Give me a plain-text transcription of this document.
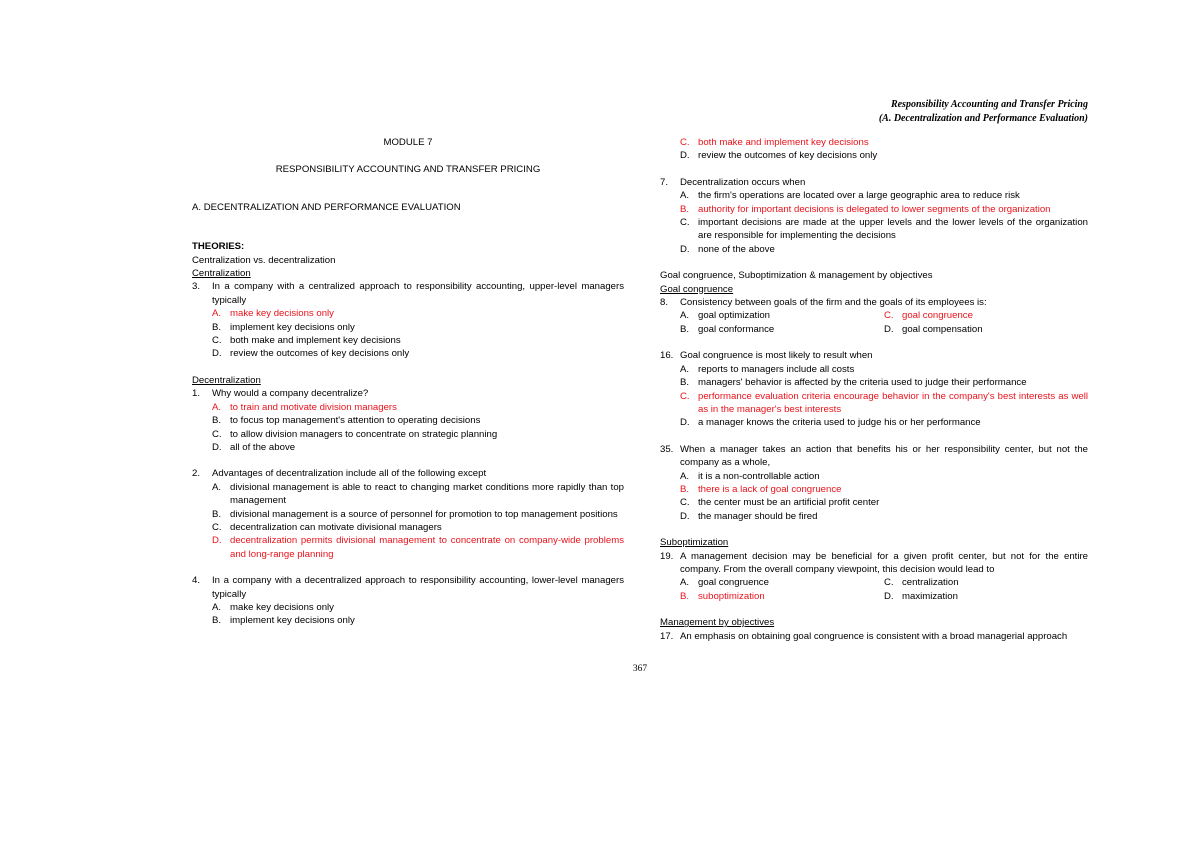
Responsibility Accounting and Transfer Pricing
(A. Decentralization and Performance Evaluation)
MODULE 7
RESPONSIBILITY ACCOUNTING AND TRANSFER PRICING
A. DECENTRALIZATION AND PERFORMANCE EVALUATION
THEORIES:
Centralization vs. decentralization
Centralization
3.	In a company with a centralized approach to responsibility accounting, upper-level managers typically
A. make key decisions only
B. implement key decisions only
C. both make and implement key decisions
D. review the outcomes of key decisions only
Decentralization
1.	Why would a company decentralize?
A. to train and motivate division managers
B. to focus top management's attention to operating decisions
C. to allow division managers to concentrate on strategic planning
D. all of the above
2.	Advantages of decentralization include all of the following except
A. divisional management is able to react to changing market conditions more rapidly than top management
B. divisional management is a source of personnel for promotion to top management positions
C. decentralization can motivate divisional managers
D. decentralization permits divisional management to concentrate on company-wide problems and long-range planning
4.	In a company with a decentralized approach to responsibility accounting, lower-level managers typically
A. make key decisions only
B. implement key decisions only
C. both make and implement key decisions
D. review the outcomes of key decisions only
7.	Decentralization occurs when
A. the firm's operations are located over a large geographic area to reduce risk
B. authority for important decisions is delegated to lower segments of the organization
C. important decisions are made at the upper levels and the lower levels of the organization are responsible for implementing the decisions
D. none of the above
Goal congruence, Suboptimization & management by objectives
Goal congruence
8.	Consistency between goals of the firm and the goals of its employees is:
A. goal optimization	C. goal congruence
B. goal conformance	D. goal compensation
16. Goal congruence is most likely to result when
A. reports to managers include all costs
B. managers' behavior is affected by the criteria used to judge their performance
C. performance evaluation criteria encourage behavior in the company's best interests as well as in the manager's best interests
D. a manager knows the criteria used to judge his or her performance
35. When a manager takes an action that benefits his or her responsibility center, but not the company as a whole,
A. it is a non-controllable action
B. there is a lack of goal congruence
C. the center must be an artificial profit center
D. the manager should be fired
Suboptimization
19. A management decision may be beneficial for a given profit center, but not for the entire company. From the overall company viewpoint, this decision would lead to
A. goal congruence	C. centralization
B. suboptimization	D. maximization
Management by objectives
17. An emphasis on obtaining goal congruence is consistent with a broad managerial approach
367
